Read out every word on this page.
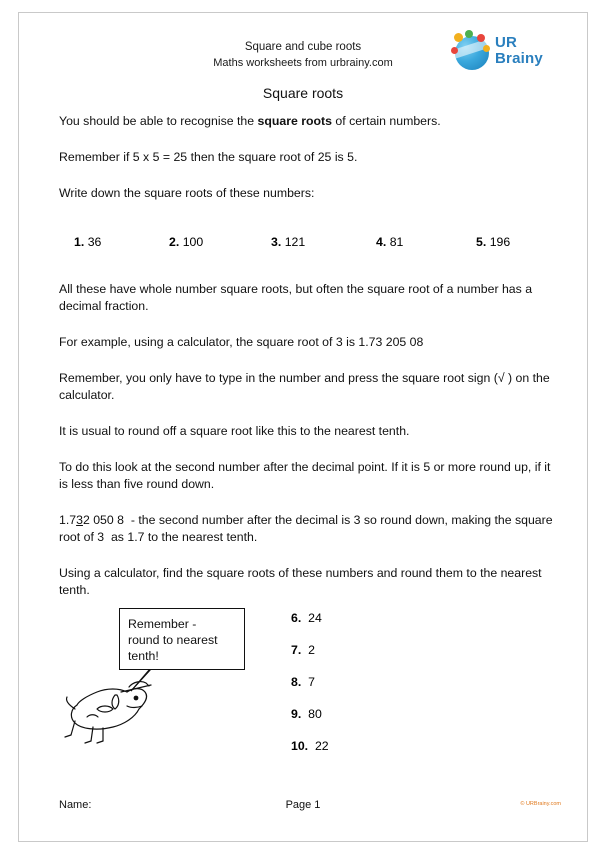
Square and cube roots
Maths worksheets from urbrainy.com
UR
Brainy
Square roots

You should be able to recognise the square roots of certain numbers.

Remember if 5 x 5 = 25 then the square root of 25 is 5.

Write down the square roots of these numbers:

1. 36	2. 100	3. 121	4. 81	5. 196

All these have whole number square roots, but often the square root of a number has a decimal fraction.

For example, using a calculator, the square root of 3 is 1.73 205 08

Remember, you only have to type in the number and press the square root sign (√ ) on the calculator.

It is usual to round off a square root like this to the nearest tenth.

To do this look at the second number after the decimal point. If it is 5 or more round up, if it is less than five round down.

1.732 050 8  - the second number after the decimal is 3 so round down, making the square root of 3  as 1.7 to the nearest tenth.

Using a calculator, find the square roots of these numbers and round them to the nearest tenth.

Remember -
round to nearest
tenth!
6. 24
7. 2
8. 7
9. 80
10. 22
Name:	Page 1	© URBrainy.com
